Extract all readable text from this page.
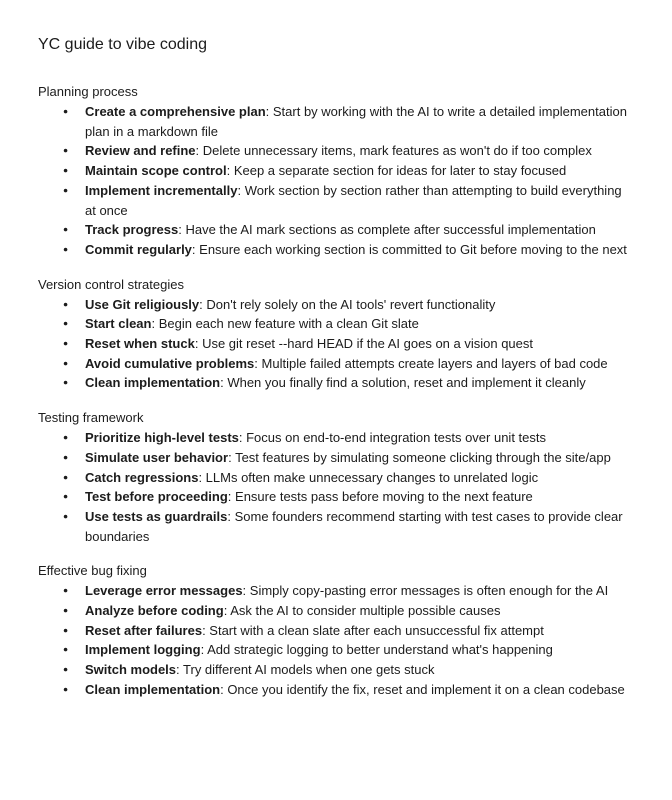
YC guide to vibe coding
Planning process
● Create a comprehensive plan: Start by working with the AI to write a detailed implementation plan in a markdown file
● Review and refine: Delete unnecessary items, mark features as won't do if too complex
● Maintain scope control: Keep a separate section for ideas for later to stay focused
● Implement incrementally: Work section by section rather than attempting to build everything at once
● Track progress: Have the AI mark sections as complete after successful implementation
● Commit regularly: Ensure each working section is committed to Git before moving to the next
Version control strategies
● Use Git religiously: Don't rely solely on the AI tools' revert functionality
● Start clean: Begin each new feature with a clean Git slate
● Reset when stuck: Use git reset --hard HEAD if the AI goes on a vision quest
● Avoid cumulative problems: Multiple failed attempts create layers and layers of bad code
● Clean implementation: When you finally find a solution, reset and implement it cleanly
Testing framework
● Prioritize high-level tests: Focus on end-to-end integration tests over unit tests
● Simulate user behavior: Test features by simulating someone clicking through the site/app
● Catch regressions: LLMs often make unnecessary changes to unrelated logic
● Test before proceeding: Ensure tests pass before moving to the next feature
● Use tests as guardrails: Some founders recommend starting with test cases to provide clear boundaries
Effective bug fixing
● Leverage error messages: Simply copy-pasting error messages is often enough for the AI
● Analyze before coding: Ask the AI to consider multiple possible causes
● Reset after failures: Start with a clean slate after each unsuccessful fix attempt
● Implement logging: Add strategic logging to better understand what's happening
● Switch models: Try different AI models when one gets stuck
● Clean implementation: Once you identify the fix, reset and implement it on a clean codebase
